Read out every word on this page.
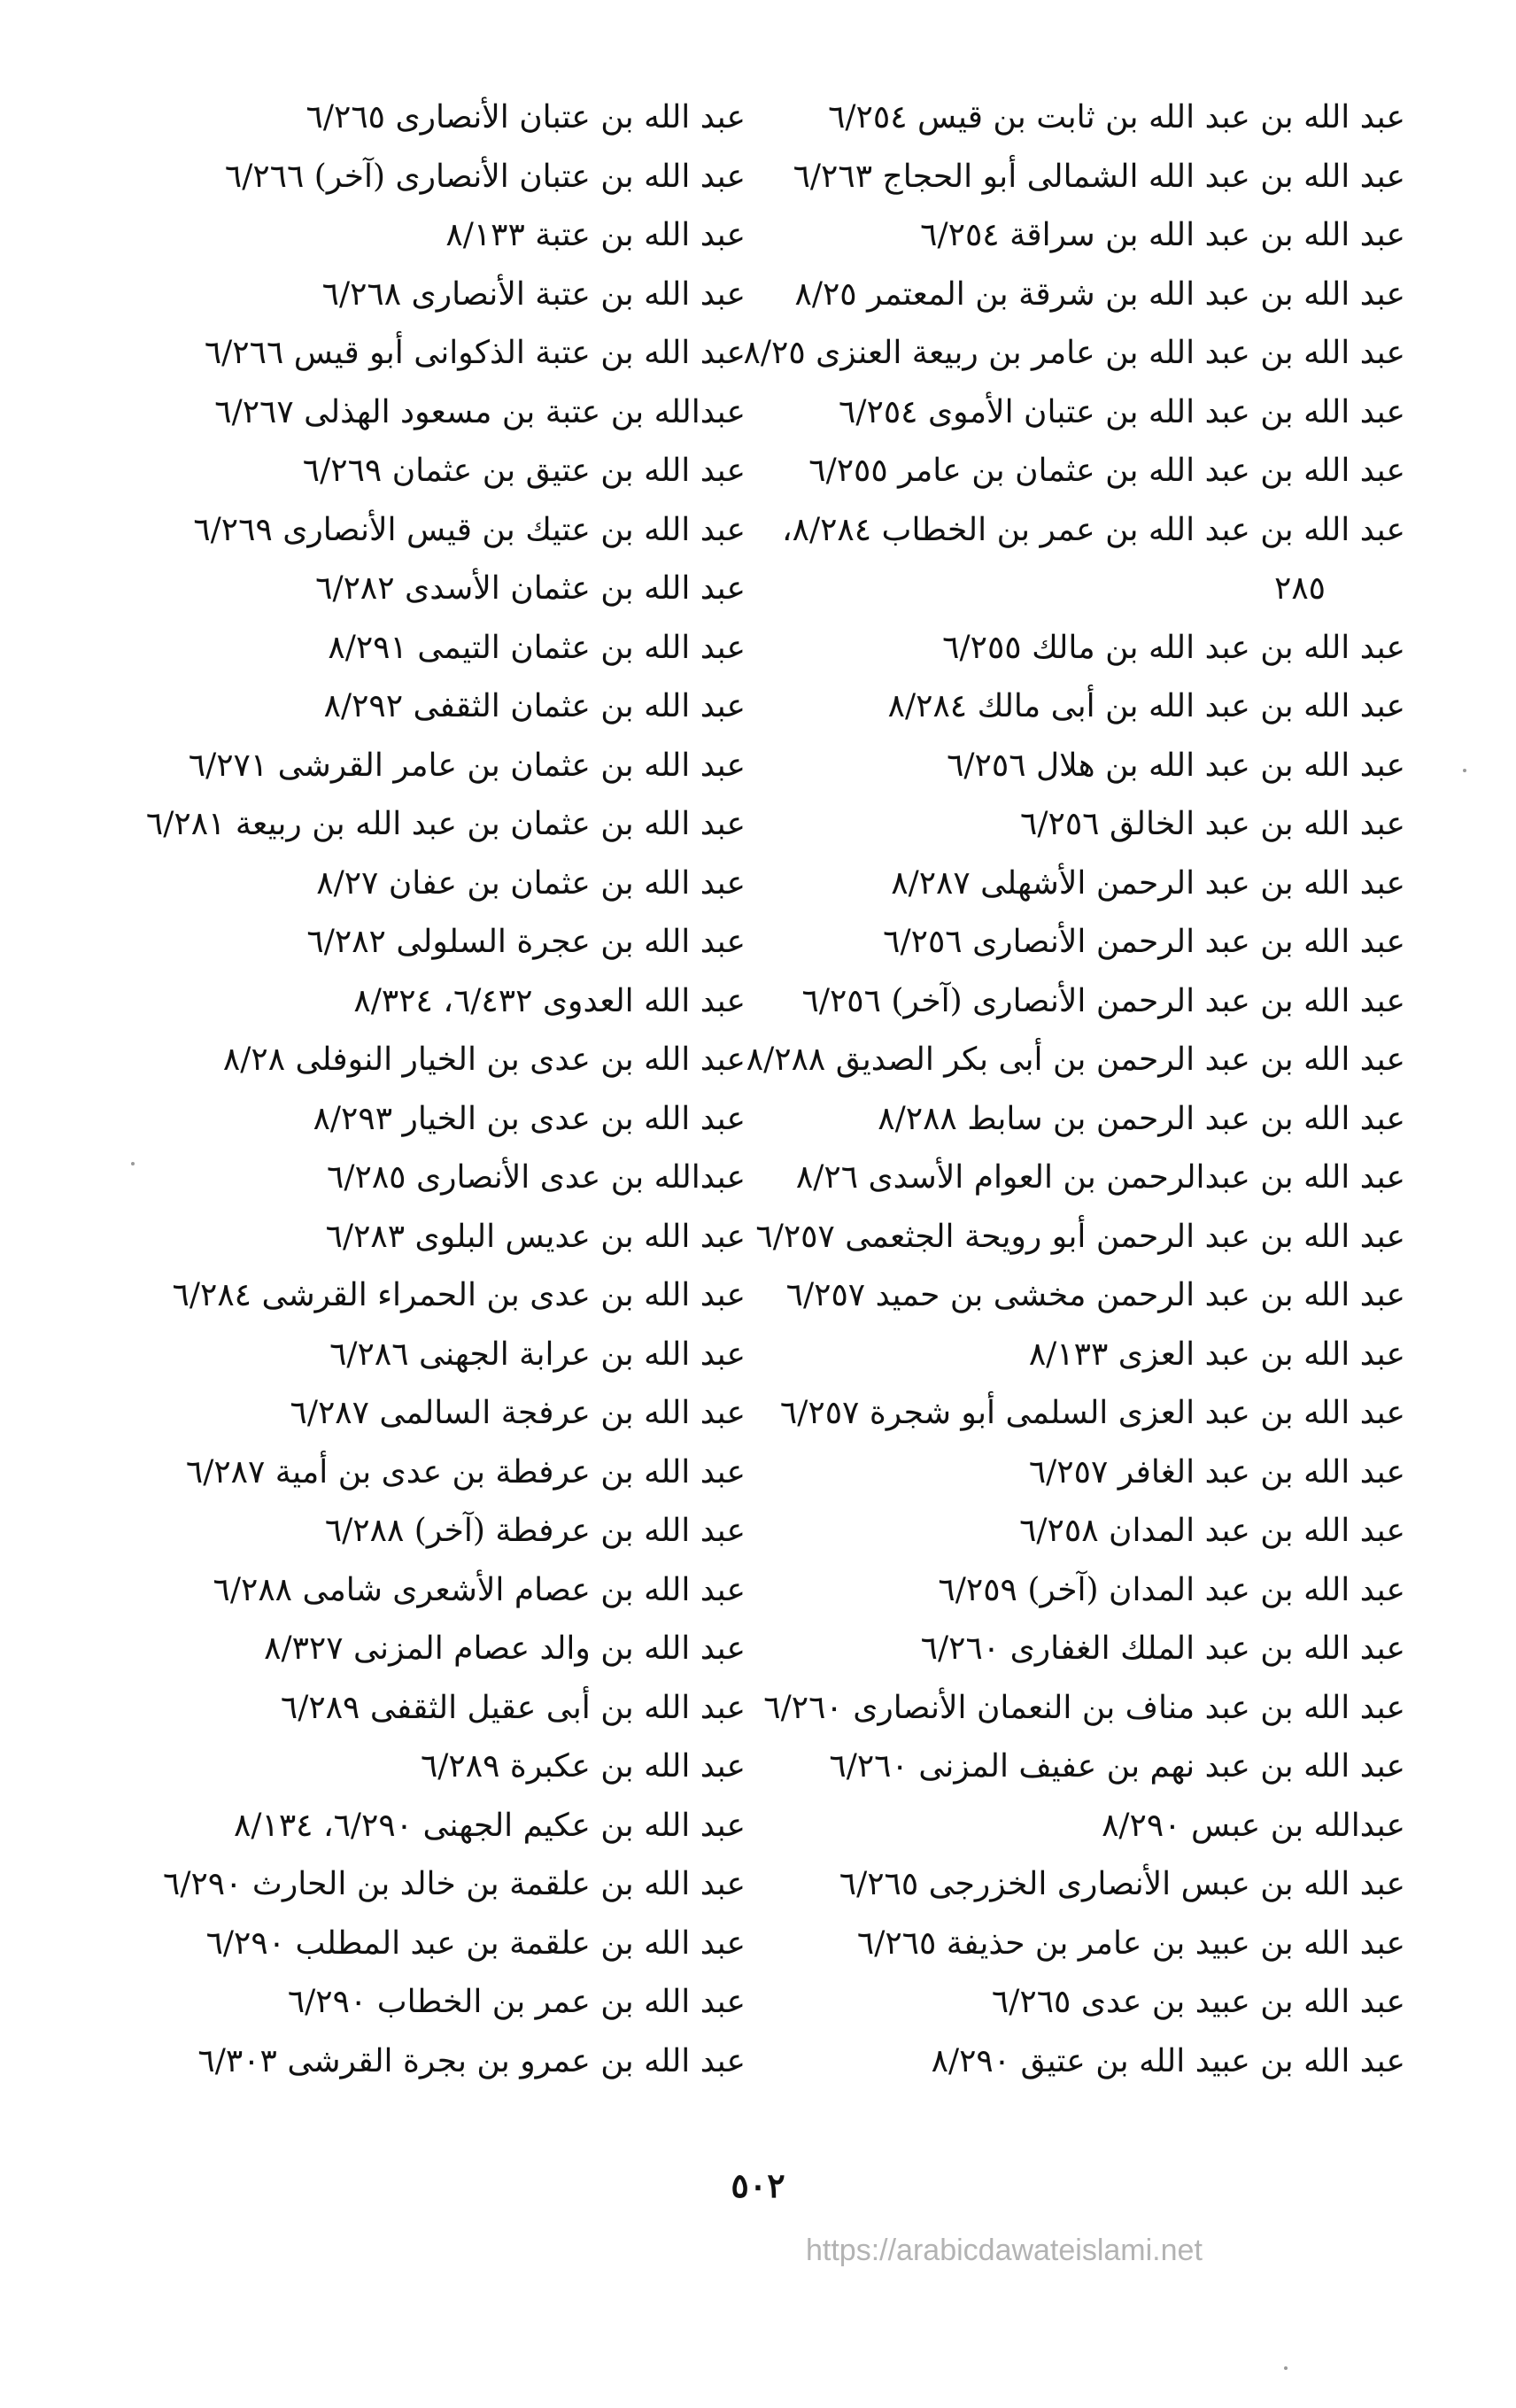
عبد الله بن عبد الله بن ثابت بن قيس ٦/٢٥٤
عبد الله بن عبد الله الشمالى أبو الحجاج ٦/٢٦٣
عبد الله بن عبد الله بن سراقة ٦/٢٥٤
عبد الله بن عبد الله بن شرقة بن المعتمر ٨/٢٥
عبد الله بن عبد الله بن عامر بن ربيعة العنزى ٨/٢٥
عبد الله بن عبد الله بن عتبان الأموى ٦/٢٥٤
عبد الله بن عبد الله بن عثمان بن عامر ٦/٢٥٥
عبد الله بن عبد الله بن عمر بن الخطاب ٨/٢٨٤،
٢٨٥
عبد الله بن عبد الله بن مالك ٦/٢٥٥
عبد الله بن عبد الله بن أبى مالك ٨/٢٨٤
عبد الله بن عبد الله بن هلال ٦/٢٥٦
عبد الله بن عبد الخالق ٦/٢٥٦
عبد الله بن عبد الرحمن الأشهلى ٨/٢٨٧
عبد الله بن عبد الرحمن الأنصارى ٦/٢٥٦
عبد الله بن عبد الرحمن الأنصارى (آخر) ٦/٢٥٦
عبد الله بن عبد الرحمن بن أبى بكر الصديق ٨/٢٨٨
عبد الله بن عبد الرحمن بن سابط ٨/٢٨٨
عبد الله بن عبدالرحمن بن العوام الأسدى ٨/٢٦
عبد الله بن عبد الرحمن أبو رويحة الجثعمى ٦/٢٥٧
عبد الله بن عبد الرحمن مخشى بن حميد ٦/٢٥٧
عبد الله بن عبد العزى ٨/١٣٣
عبد الله بن عبد العزى السلمى أبو شجرة ٦/٢٥٧
عبد الله بن عبد الغافر ٦/٢٥٧
عبد الله بن عبد المدان ٦/٢٥٨
عبد الله بن عبد المدان (آخر) ٦/٢٥٩
عبد الله بن عبد الملك الغفارى ٦/٢٦٠
عبد الله بن عبد مناف بن النعمان الأنصارى ٦/٢٦٠
عبد الله بن عبد نهم بن عفيف المزنى ٦/٢٦٠
عبدالله بن عبس ٨/٢٩٠
عبد الله بن عبس الأنصارى الخزرجى ٦/٢٦٥
عبد الله بن عبيد بن عامر بن حذيفة ٦/٢٦٥
عبد الله بن عبيد بن عدى ٦/٢٦٥
عبد الله بن عبيد الله بن عتيق ٨/٢٩٠
عبد الله بن عتبان الأنصارى ٦/٢٦٥
عبد الله بن عتبان الأنصارى (آخر) ٦/٢٦٦
عبد الله بن عتبة ٨/١٣٣
عبد الله بن عتبة الأنصارى ٦/٢٦٨
عبد الله بن عتبة الذكوانى أبو قيس ٦/٢٦٦
عبدالله بن عتبة بن مسعود الهذلى ٦/٢٦٧
عبد الله بن عتيق بن عثمان ٦/٢٦٩
عبد الله بن عتيك بن قيس الأنصارى ٦/٢٦٩
عبد الله بن عثمان الأسدى ٦/٢٨٢
عبد الله بن عثمان التيمى ٨/٢٩١
عبد الله بن عثمان الثقفى ٨/٢٩٢
عبد الله بن عثمان بن عامر القرشى ٦/٢٧١
عبد الله بن عثمان بن عبد الله بن ربيعة ٦/٢٨١
عبد الله بن عثمان بن عفان ٨/٢٧
عبد الله بن عجرة السلولى ٦/٢٨٢
عبد الله العدوى ٦/٤٣٢، ٨/٣٢٤
عبد الله بن عدى بن الخيار النوفلى ٨/٢٨
عبد الله بن عدى بن الخيار ٨/٢٩٣
عبدالله بن عدى الأنصارى ٦/٢٨٥
عبد الله بن عديس البلوى ٦/٢٨٣
عبد الله بن عدى بن الحمراء القرشى ٦/٢٨٤
عبد الله بن عرابة الجهنى ٦/٢٨٦
عبد الله بن عرفجة السالمى ٦/٢٨٧
عبد الله بن عرفطة بن عدى بن أمية ٦/٢٨٧
عبد الله بن عرفطة (آخر) ٦/٢٨٨
عبد الله بن عصام الأشعرى شامى ٦/٢٨٨
عبد الله بن والد عصام المزنى ٨/٣٢٧
عبد الله بن أبى عقيل الثقفى ٦/٢٨٩
عبد الله بن عكبرة ٦/٢٨٩
عبد الله بن عكيم الجهنى ٦/٢٩٠، ٨/١٣٤
عبد الله بن علقمة بن خالد بن الحارث ٦/٢٩٠
عبد الله بن علقمة بن عبد المطلب ٦/٢٩٠
عبد الله بن عمر بن الخطاب ٦/٢٩٠
عبد الله بن عمرو بن بجرة القرشى ٦/٣٠٣
٥٠٢
https://arabicdawateislami.net
